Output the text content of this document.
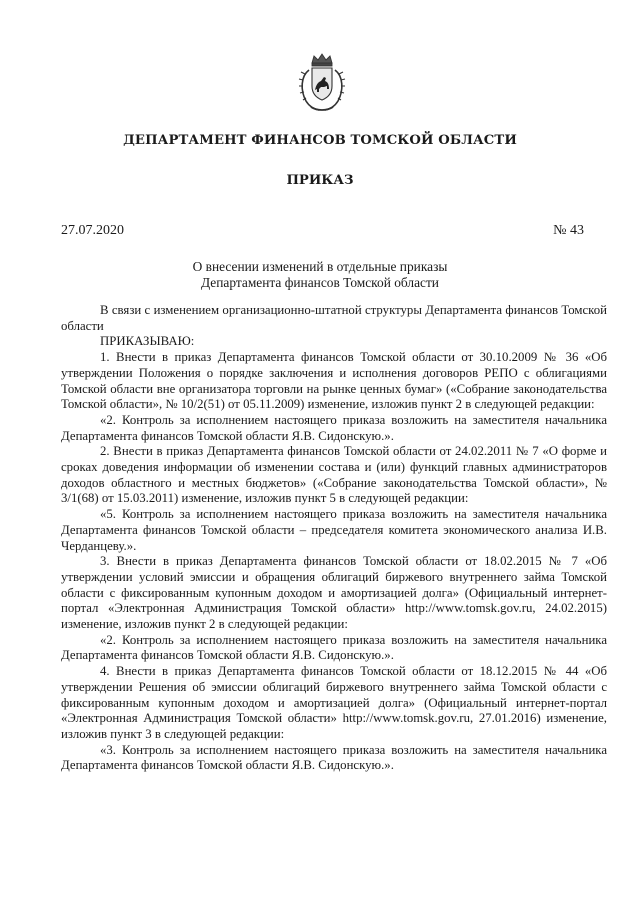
ДЕПАРТАМЕНТ ФИНАНСОВ ТОМСКОЙ ОБЛАСТИ
ПРИКАЗ
27.07.2020	№ 43
О внесении изменений в отдельные приказы
Департамента финансов Томской области

В связи с изменением организационно-штатной структуры Департамента финансов Томской области

ПРИКАЗЫВАЮ:

1. Внести в приказ Департамента финансов Томской области от 30.10.2009 № 36 «Об утверждении Положения о порядке заключения и исполнения договоров РЕПО с облигациями Томской области вне организатора торговли на рынке ценных бумаг» («Собрание законодательства Томской области», № 10/2(51) от 05.11.2009) изменение, изложив пункт 2 в следующей редакции:

«2. Контроль за исполнением настоящего приказа возложить на заместителя начальника Департамента финансов Томской области Я.В. Сидонскую.».

2. Внести в приказ Департамента финансов Томской области от 24.02.2011 № 7 «О форме и сроках доведения информации об изменении состава и (или) функций главных администраторов доходов областного и местных бюджетов» («Собрание законодательства Томской области», № 3/1(68) от 15.03.2011) изменение, изложив пункт 5 в следующей редакции:

«5. Контроль за исполнением настоящего приказа возложить на заместителя начальника Департамента финансов Томской области – председателя комитета экономического анализа И.В. Черданцеву.».

3. Внести в приказ Департамента финансов Томской области от 18.02.2015 № 7 «Об утверждении условий эмиссии и обращения облигаций биржевого внутреннего займа Томской области с фиксированным купонным доходом и амортизацией долга» (Официальный интернет-портал «Электронная Администрация Томской области» http://www.tomsk.gov.ru, 24.02.2015) изменение, изложив пункт 2 в следующей редакции:

«2. Контроль за исполнением настоящего приказа возложить на заместителя начальника Департамента финансов Томской области Я.В. Сидонскую.».

4. Внести в приказ Департамента финансов Томской области от 18.12.2015 № 44 «Об утверждении Решения об эмиссии облигаций биржевого внутреннего займа Томской области с фиксированным купонным доходом и амортизацией долга» (Официальный интернет-портал «Электронная Администрация Томской области» http://www.tomsk.gov.ru, 27.01.2016) изменение, изложив пункт 3 в следующей редакции:

«3. Контроль за исполнением настоящего приказа возложить на заместителя начальника Департамента финансов Томской области Я.В. Сидонскую.».
